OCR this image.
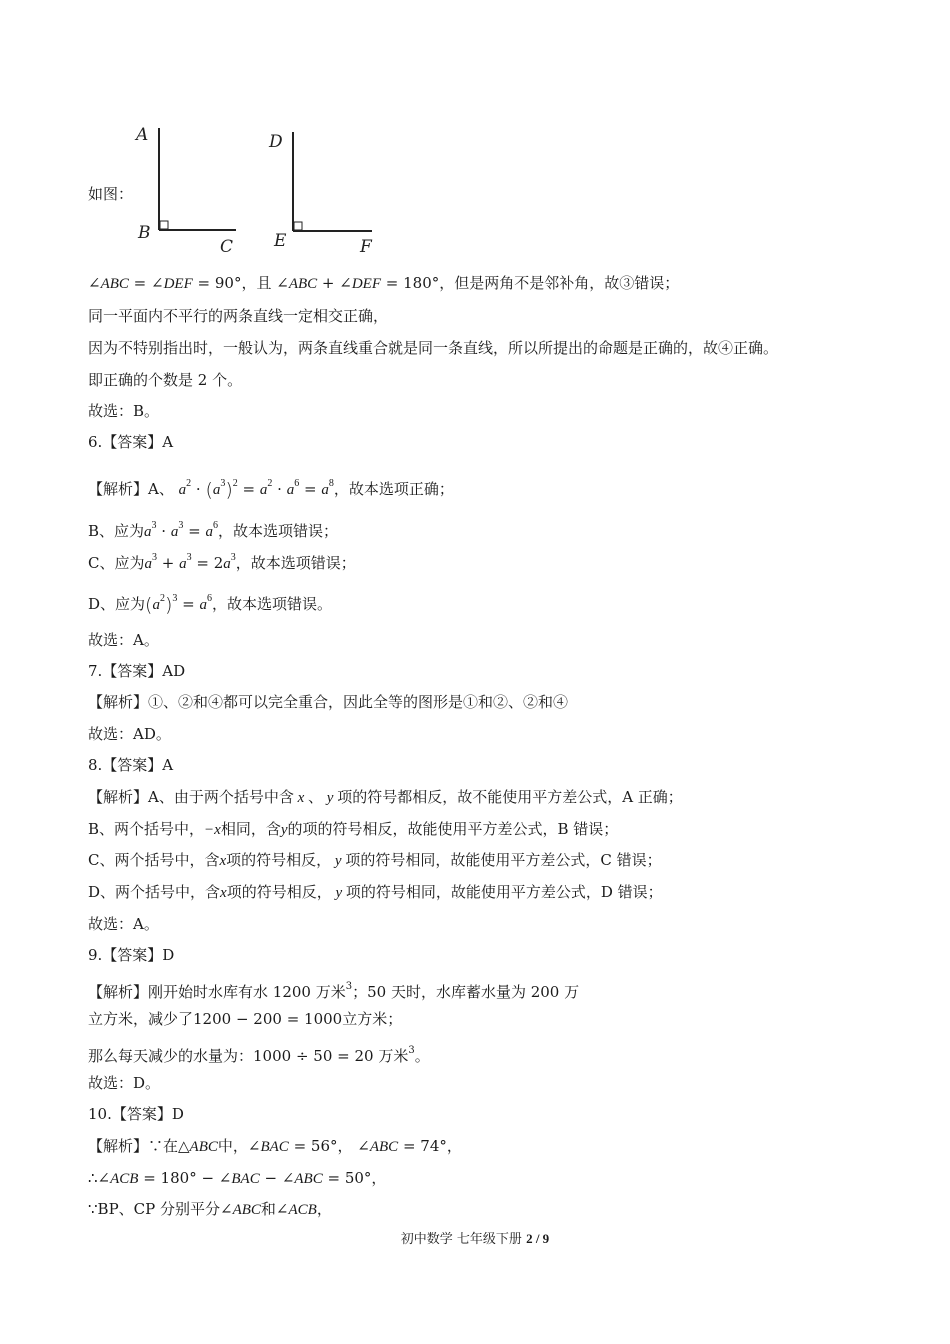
如图：
A
B
C
D
E	F
∠ABC = ∠DEF = 90°，且 ∠ABC + ∠DEF = 180°，但是两角不是邻补角，故③错误；
同一平面内不平行的两条直线一定相交正确，
因为不特别指出时，一般认为，两条直线重合就是同一条直线，所以所提出的命题是正确的，故④正确。
即正确的个数是 2 个。
故选：B。
6.【答案】A
【解析】A、 $a^2 \cdot (a^3)^2 = a^2 \cdot a^6 = a^8$，故本选项正确；
B、应为$a^3 \cdot a^3 = a^6$，故本选项错误；
C、应为$a^3 + a^3 = 2a^3$，故本选项错误；
D、应为$(a^2)^3 = a^6$，故本选项错误。
故选：A。
7.【答案】AD
【解析】①、②和④都可以完全重合，因此全等的图形是①和②、②和④
故选：AD。
8.【答案】A
【解析】A、由于两个括号中含 x 、 y 项的符号都相反，故不能使用平方差公式，A 正确；
B、两个括号中，−x相同，含y的项的符号相反，故能使用平方差公式，B 错误；
C、两个括号中，含x项的符号相反， y 项的符号相同，故能使用平方差公式，C 错误；
D、两个括号中，含x项的符号相反， y 项的符号相同，故能使用平方差公式，D 错误；
故选：A。
9.【答案】D
【解析】刚开始时水库有水 1200 万米$^3$；50 天时，水库蓄水量为 200 万
立方米，减少了1200 − 200 = 1000立方米；
那么每天减少的水量为：1000 ÷ 50 = 20 万米$^3$。
故选：D。
10.【答案】D
【解析】∵在△ABC中，∠BAC = 56°， ∠ABC = 74°，
∴∠ACB = 180° − ∠BAC − ∠ABC = 50°，
∵BP、CP 分别平分∠ABC和∠ACB，
初中数学 七年级下册 2 / 9
